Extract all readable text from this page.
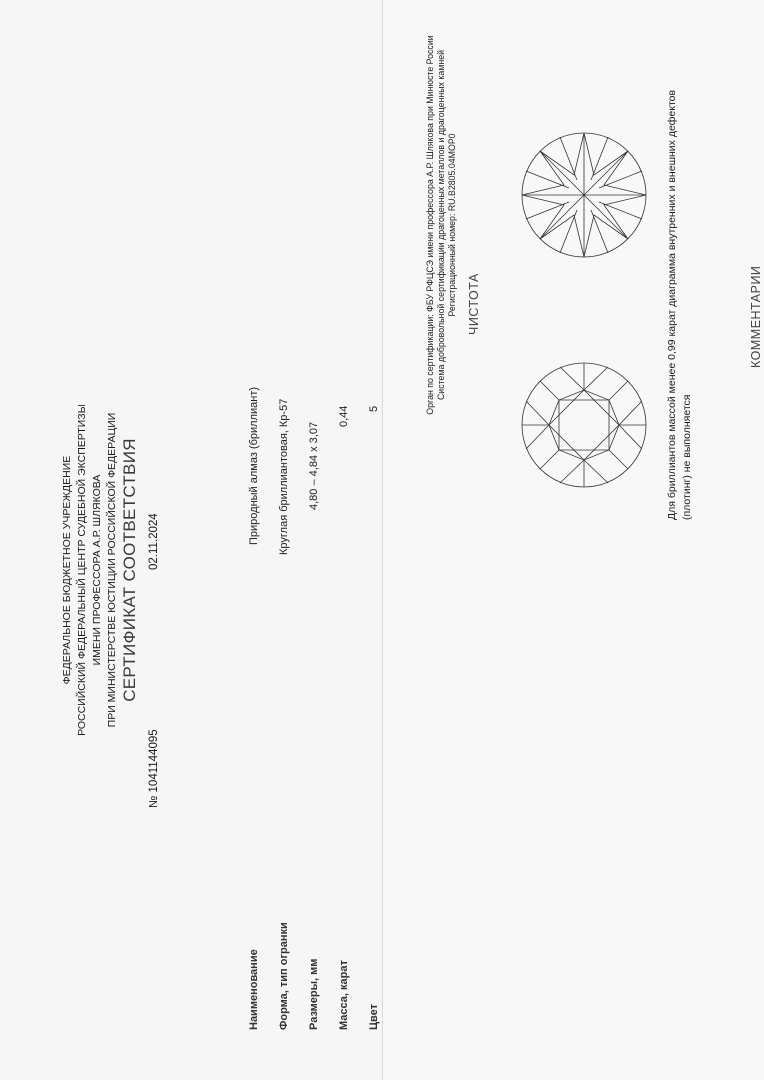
ФЕДЕРАЛЬНОЕ БЮДЖЕТНОЕ УЧРЕЖДЕНИЕ РОССИЙСКИЙ ФЕДЕРАЛЬНЫЙ ЦЕНТР СУДЕБНОЙ ЭКСПЕРТИЗЫ ИМЕНИ ПРОФЕССОРА А.Р. ШЛЯКОВА ПРИ МИНИСТЕРСТВЕ ЮСТИЦИИ РОССИЙСКОЙ ФЕДЕРАЦИИ СЕРТИФИКАТ СООТВЕТСТВИЯ
№ 1041144095
02.11.2024
Наименование
Природный алмаз (бриллиант)
Форма, тип огранки
Круглая бриллиантовая, Кр-57
Размеры, мм
4,80 – 4,84 x 3,07
Масса, карат
0,44
Цвет
5	Орган по сертификации: ФБУ РФЦСЭ имени профессора А.Р. Шлякова при Минюсте России Система добровольной сертификации драгоценных металлов и драгоценных камней Регистрационный номер: RU.B2805.04МОР0 ЧИСТОТА	Для бриллиантов массой менее 0,99 карат диаграмма внутренних и внешних дефектов (плотинг) не выполняется
КОММЕНТАРИИ
